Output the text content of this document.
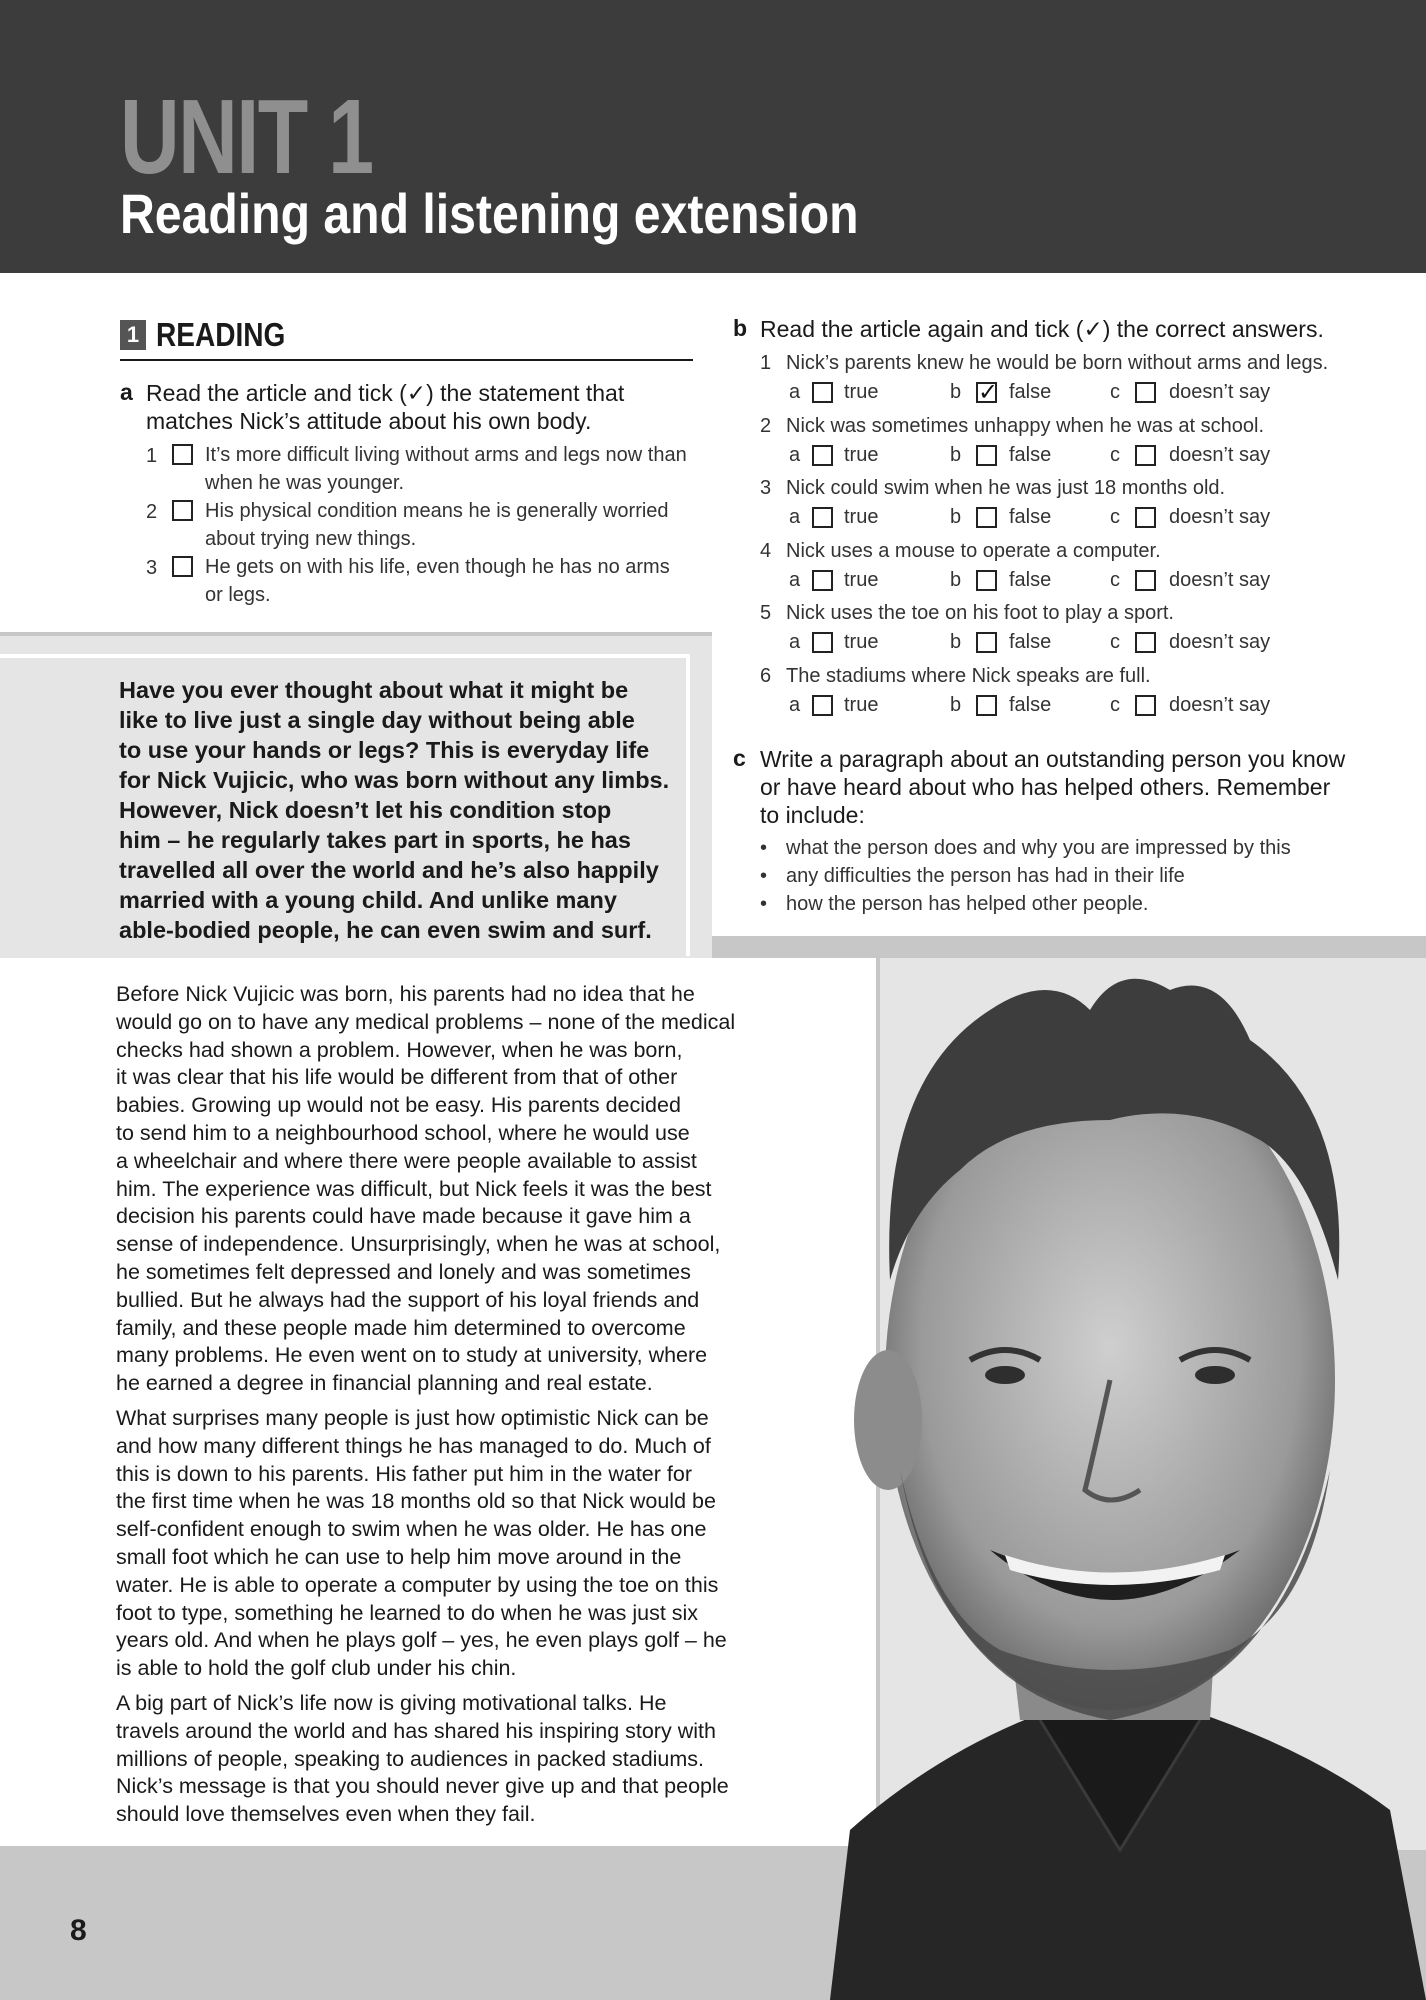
UNIT 1
Reading and listening extension
1 READING
a Read the article and tick (✓) the statement that
matches Nick’s attitude about his own body.
1 It’s more difficult living without arms and legs now than
when he was younger.
2 His physical condition means he is generally worried
about trying new things.
3 He gets on with his life, even though he has no arms
or legs.
b Read the article again and tick (✓) the correct answers.
1 Nick’s parents knew he would be born without arms and legs.
a true	b
✓ false	c doesn’t say
2 Nick was sometimes unhappy when he was at school.
a true	b false	c doesn’t say
3 Nick could swim when he was just 18 months old.
a true	b false	c doesn’t say
4 Nick uses a mouse to operate a computer.
a true	b false	c doesn’t say
5 Nick uses the toe on his foot to play a sport.
a true	b false	c doesn’t say
6 The stadiums where Nick speaks are full.
a true	b false	c doesn’t say
c Write a paragraph about an outstanding person you know
or have heard about who has helped others. Remember
to include:
• what the person does and why you are impressed by this
• any difficulties the person has had in their life
• how the person has helped other people.
Have you ever thought about what it might be
like to live just a single day without being able
to use your hands or legs? This is everyday life
for Nick Vujicic, who was born without any limbs.
However, Nick doesn’t let his condition stop
him – he regularly takes part in sports, he has
travelled all over the world and he’s also happily
married with a young child. And unlike many
able-bodied people, he can even swim and surf.

Before Nick Vujicic was born, his parents had no idea that he
would go on to have any medical problems – none of the medical
checks had shown a problem. However, when he was born,
it was clear that his life would be different from that of other
babies. Growing up would not be easy. His parents decided
to send him to a neighbourhood school, where he would use
a wheelchair and where there were people available to assist
him. The experience was difficult, but Nick feels it was the best
decision his parents could have made because it gave him a
sense of independence. Unsurprisingly, when he was at school,
he sometimes felt depressed and lonely and was sometimes
bullied. But he always had the support of his loyal friends and
family, and these people made him determined to overcome
many problems. He even went on to study at university, where
he earned a degree in financial planning and real estate.

What surprises many people is just how optimistic Nick can be
and how many different things he has managed to do. Much of
this is down to his parents. His father put him in the water for
the first time when he was 18 months old so that Nick would be
self-confident enough to swim when he was older. He has one
small foot which he can use to help him move around in the
water. He is able to operate a computer by using the toe on this
foot to type, something he learned to do when he was just six
years old. And when he plays golf – yes, he even plays golf – he
is able to hold the golf club under his chin.

A big part of Nick’s life now is giving motivational talks. He
travels around the world and has shared his inspiring story with
millions of people, speaking to audiences in packed stadiums.
Nick’s message is that you should never give up and that people
should love themselves even when they fail.

8
